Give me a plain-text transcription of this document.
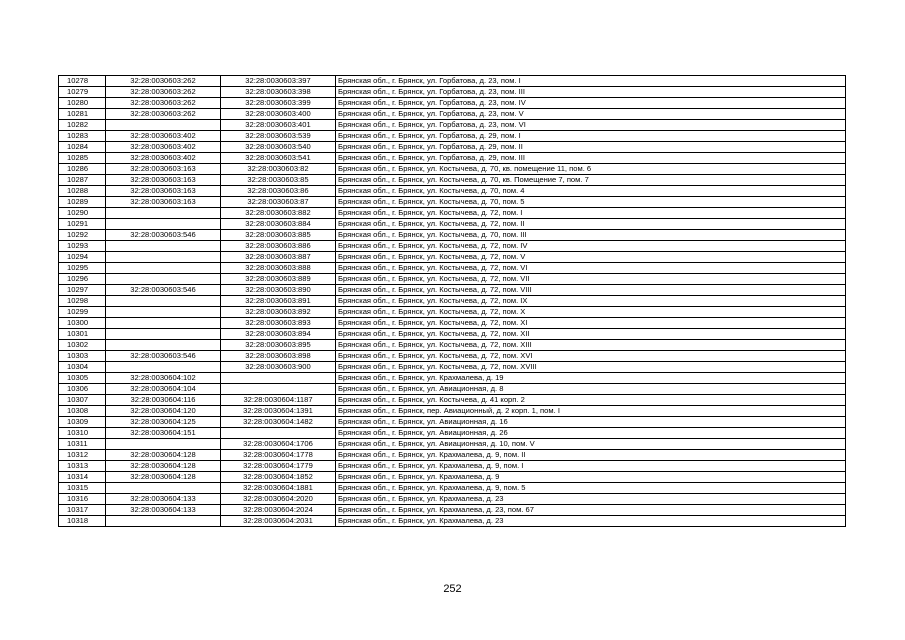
10278	32:28:0030603:262	32:28:0030603:397	Брянская обл., г. Брянск, ул. Горбатова, д. 23, пом. I
10279	32:28:0030603:262	32:28:0030603:398	Брянская обл., г. Брянск, ул. Горбатова, д. 23, пом. III
10280	32:28:0030603:262	32:28:0030603:399	Брянская обл., г. Брянск, ул. Горбатова, д. 23, пом. IV
10281	32:28:0030603:262	32:28:0030603:400	Брянская обл., г. Брянск, ул. Горбатова, д. 23, пом. V
10282		32:28:0030603:401	Брянская обл., г. Брянск, ул. Горбатова, д. 23, пом. VI
10283	32:28:0030603:402	32:28:0030603:539	Брянская обл., г. Брянск, ул. Горбатова, д. 29, пом. I
10284	32:28:0030603:402	32:28:0030603:540	Брянская обл., г. Брянск, ул. Горбатова, д. 29, пом. II
10285	32:28:0030603:402	32:28:0030603:541	Брянская обл., г. Брянск, ул. Горбатова, д. 29, пом. III
10286	32:28:0030603:163	32:28:0030603:82	Брянская обл., г. Брянск, ул. Костычева, д. 70, кв. помещение 11, пом. 6
10287	32:28:0030603:163	32:28:0030603:85	Брянская обл., г. Брянск, ул. Костычева, д. 70, кв. Помещение 7, пом. 7
10288	32:28:0030603:163	32:28:0030603:86	Брянская обл., г. Брянск, ул. Костычева, д. 70, пом. 4
10289	32:28:0030603:163	32:28:0030603:87	Брянская обл., г. Брянск, ул. Костычева, д. 70, пом. 5
10290		32:28:0030603:882	Брянская обл., г. Брянск, ул. Костычева, д. 72, пом. I
10291		32:28:0030603:884	Брянская обл., г. Брянск, ул. Костычева, д. 72, пом. II
10292	32:28:0030603:546	32:28:0030603:885	Брянская обл., г. Брянск, ул. Костычева, д. 70, пом. III
10293		32:28:0030603:886	Брянская обл., г. Брянск, ул. Костычева, д. 72, пом. IV
10294		32:28:0030603:887	Брянская обл., г. Брянск, ул. Костычева, д. 72, пом. V
10295		32:28:0030603:888	Брянская обл., г. Брянск, ул. Костычева, д. 72, пом. VI
10296		32:28:0030603:889	Брянская обл., г. Брянск, ул. Костычева, д. 72, пом. VII
10297	32:28:0030603:546	32:28:0030603:890	Брянская обл., г. Брянск, ул. Костычева, д. 72, пом. VIII
10298		32:28:0030603:891	Брянская обл., г. Брянск, ул. Костычева, д. 72, пом. IX
10299		32:28:0030603:892	Брянская обл., г. Брянск, ул. Костычева, д. 72, пом. X
10300		32:28:0030603:893	Брянская обл., г. Брянск, ул. Костычева, д. 72, пом. XI
10301		32:28:0030603:894	Брянская обл., г. Брянск, ул. Костычева, д. 72, пом. XII
10302		32:28:0030603:895	Брянская обл., г. Брянск, ул. Костычева, д. 72, пом. XIII
10303	32:28:0030603:546	32:28:0030603:898	Брянская обл., г. Брянск, ул. Костычева, д. 72, пом. XVI
10304		32:28:0030603:900	Брянская обл., г. Брянск, ул. Костычева, д. 72, пом. XVIII
10305	32:28:0030604:102		Брянская обл., г. Брянск, ул. Крахмалева, д. 19
10306	32:28:0030604:104		Брянская обл., г. Брянск, ул. Авиационная, д. 8
10307	32:28:0030604:116	32:28:0030604:1187	Брянская обл., г. Брянск, ул. Костычева, д. 41 корп. 2
10308	32:28:0030604:120	32:28:0030604:1391	Брянская обл., г. Брянск, пер. Авиационный, д. 2 корп. 1, пом. I
10309	32:28:0030604:125	32:28:0030604:1482	Брянская обл., г. Брянск, ул. Авиационная, д. 16
10310	32:28:0030604:151		Брянская обл., г. Брянск, ул. Авиационная, д. 26
10311		32:28:0030604:1706	Брянская обл., г. Брянск, ул. Авиационная, д. 10, пом. V
10312	32:28:0030604:128	32:28:0030604:1778	Брянская обл., г. Брянск, ул. Крахмалева, д. 9, пом. II
10313	32:28:0030604:128	32:28:0030604:1779	Брянская обл., г. Брянск, ул. Крахмалева, д. 9, пом. I
10314	32:28:0030604:128	32:28:0030604:1852	Брянская обл., г. Брянск, ул. Крахмалева, д. 9
10315		32:28:0030604:1881	Брянская обл., г. Брянск, ул. Крахмалева, д. 9, пом. 5
10316	32:28:0030604:133	32:28:0030604:2020	Брянская обл., г. Брянск, ул. Крахмалева, д. 23
10317	32:28:0030604:133	32:28:0030604:2024	Брянская обл., г. Брянск, ул. Крахмалева, д. 23, пом. 67
10318		32:28:0030604:2031	Брянская обл., г. Брянск, ул. Крахмалева, д. 23
252
